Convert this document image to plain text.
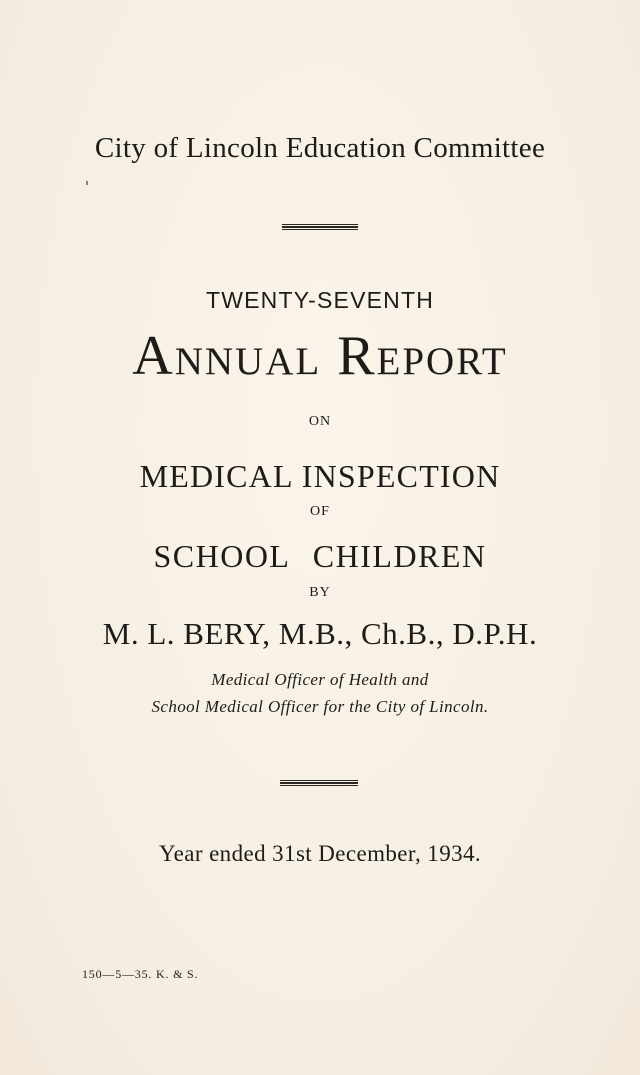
City of Lincoln Education Committee
TWENTY-SEVENTH
Annual Report
ON
MEDICAL INSPECTION
OF
SCHOOL CHILDREN
BY
M. L. BERY, M.B., Ch.B., D.P.H.
Medical Officer of Health and
School Medical Officer for the City of Lincoln.
Year ended 31st December, 1934.
150—5—35. K. & S.
